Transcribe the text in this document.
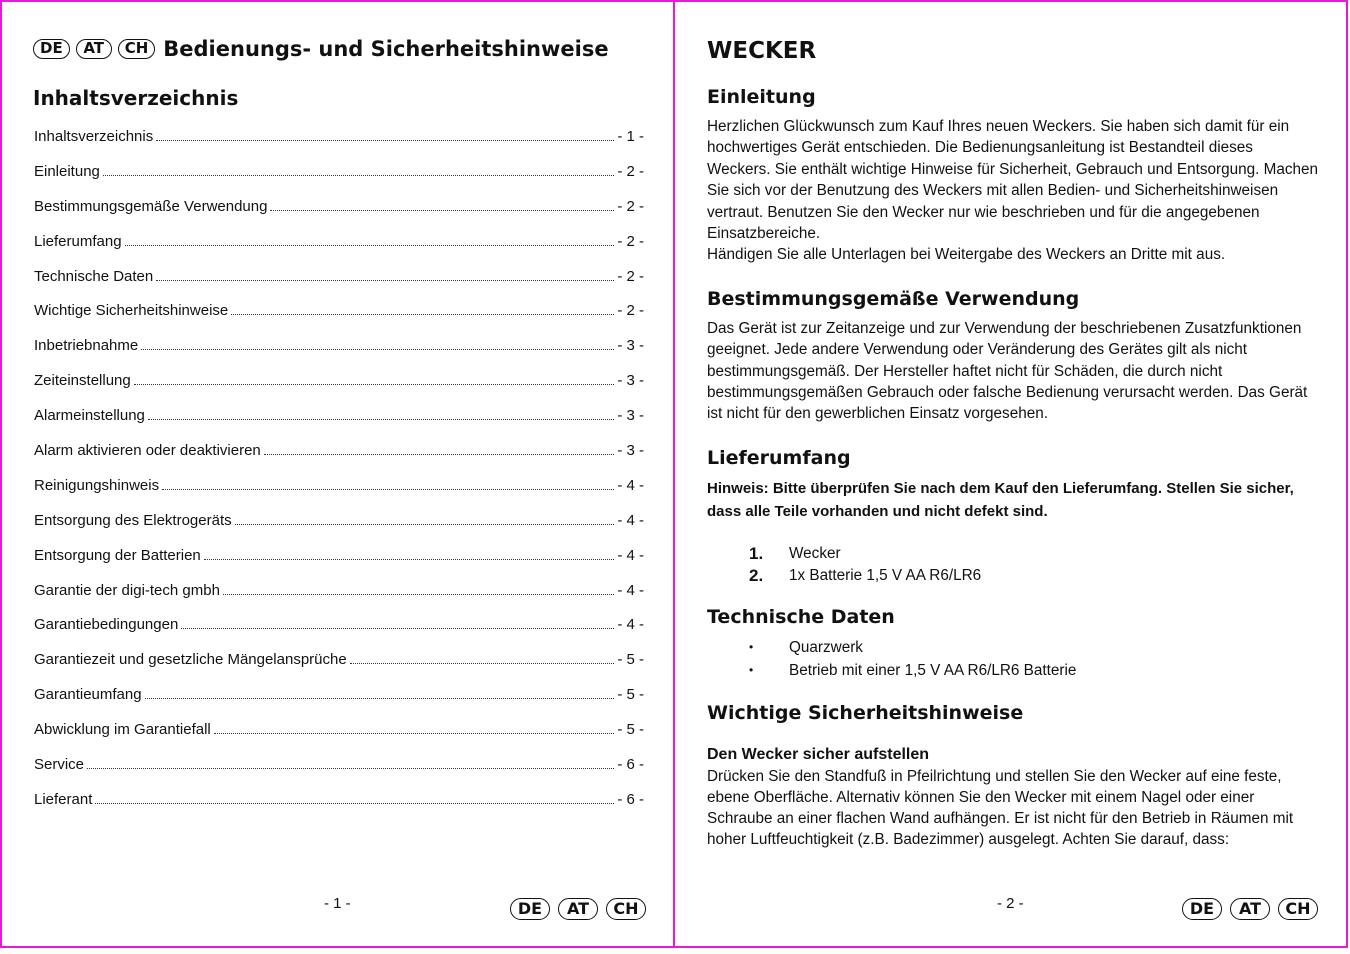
DE	AT	CH Bedienungs- und Sicherheitshinweise
Inhaltsverzeichnis
Inhaltsverzeichnis	- 1 -
Einleitung	- 2 -
Bestimmungsgemäße Verwendung	- 2 -
Lieferumfang	- 2 -
Technische Daten	- 2 -
Wichtige Sicherheitshinweise	- 2 -
Inbetriebnahme	- 3 -
Zeiteinstellung	- 3 -
Alarmeinstellung	- 3 -
Alarm aktivieren oder deaktivieren	- 3 -
Reinigungshinweis	- 4 -
Entsorgung des Elektrogeräts	- 4 -
Entsorgung der Batterien	- 4 -
Garantie der digi-tech gmbh	- 4 -
Garantiebedingungen	- 4 -
Garantiezeit und gesetzliche Mängelansprüche	- 5 -
Garantieumfang	- 5 -
Abwicklung im Garantiefall	- 5 -
Service	- 6 -
Lieferant	- 6 -
- 1 -	DE	AT	CH
WECKER
Einleitung
Herzlichen Glückwunsch zum Kauf Ihres neuen Weckers. Sie haben sich damit für ein hochwertiges Gerät entschieden. Die Bedienungsanleitung ist Bestandteil dieses Weckers. Sie enthält wichtige Hinweise für Sicherheit, Gebrauch und Entsorgung. Machen Sie sich vor der Benutzung des Weckers mit allen Bedien- und Sicherheitshinweisen vertraut. Benutzen Sie den Wecker nur wie beschrieben und für die angegebenen Einsatzbereiche.
Händigen Sie alle Unterlagen bei Weitergabe des Weckers an Dritte mit aus.
Bestimmungsgemäße Verwendung

Das Gerät ist zur Zeitanzeige und zur Verwendung der beschriebenen Zusatzfunktionen geeignet. Jede andere Verwendung oder Veränderung des Gerätes gilt als nicht bestimmungsgemäß. Der Hersteller haftet nicht für Schäden, die durch nicht bestimmungsgemäßen Gebrauch oder falsche Bedienung verursacht werden. Das Gerät ist nicht für den gewerblichen Einsatz vorgesehen.

Lieferumfang

Hinweis: Bitte überprüfen Sie nach dem Kauf den Lieferumfang. Stellen Sie sicher, dass alle Teile vorhanden und nicht defekt sind.

1.	Wecker
2.	1x Batterie 1,5 V AA R6/LR6
Technische Daten
•	Quarzwerk
•	Betrieb mit einer 1,5 V AA R6/LR6 Batterie
Wichtige Sicherheitshinweise
Den Wecker sicher aufstellen

Drücken Sie den Standfuß in Pfeilrichtung und stellen Sie den Wecker auf eine feste, ebene Oberfläche. Alternativ können Sie den Wecker mit einem Nagel oder einer Schraube an einer flachen Wand aufhängen. Er ist nicht für den Betrieb in Räumen mit hoher Luftfeuchtigkeit (z.B. Badezimmer) ausgelegt. Achten Sie darauf, dass:

- 2 -	DE	AT	CH
